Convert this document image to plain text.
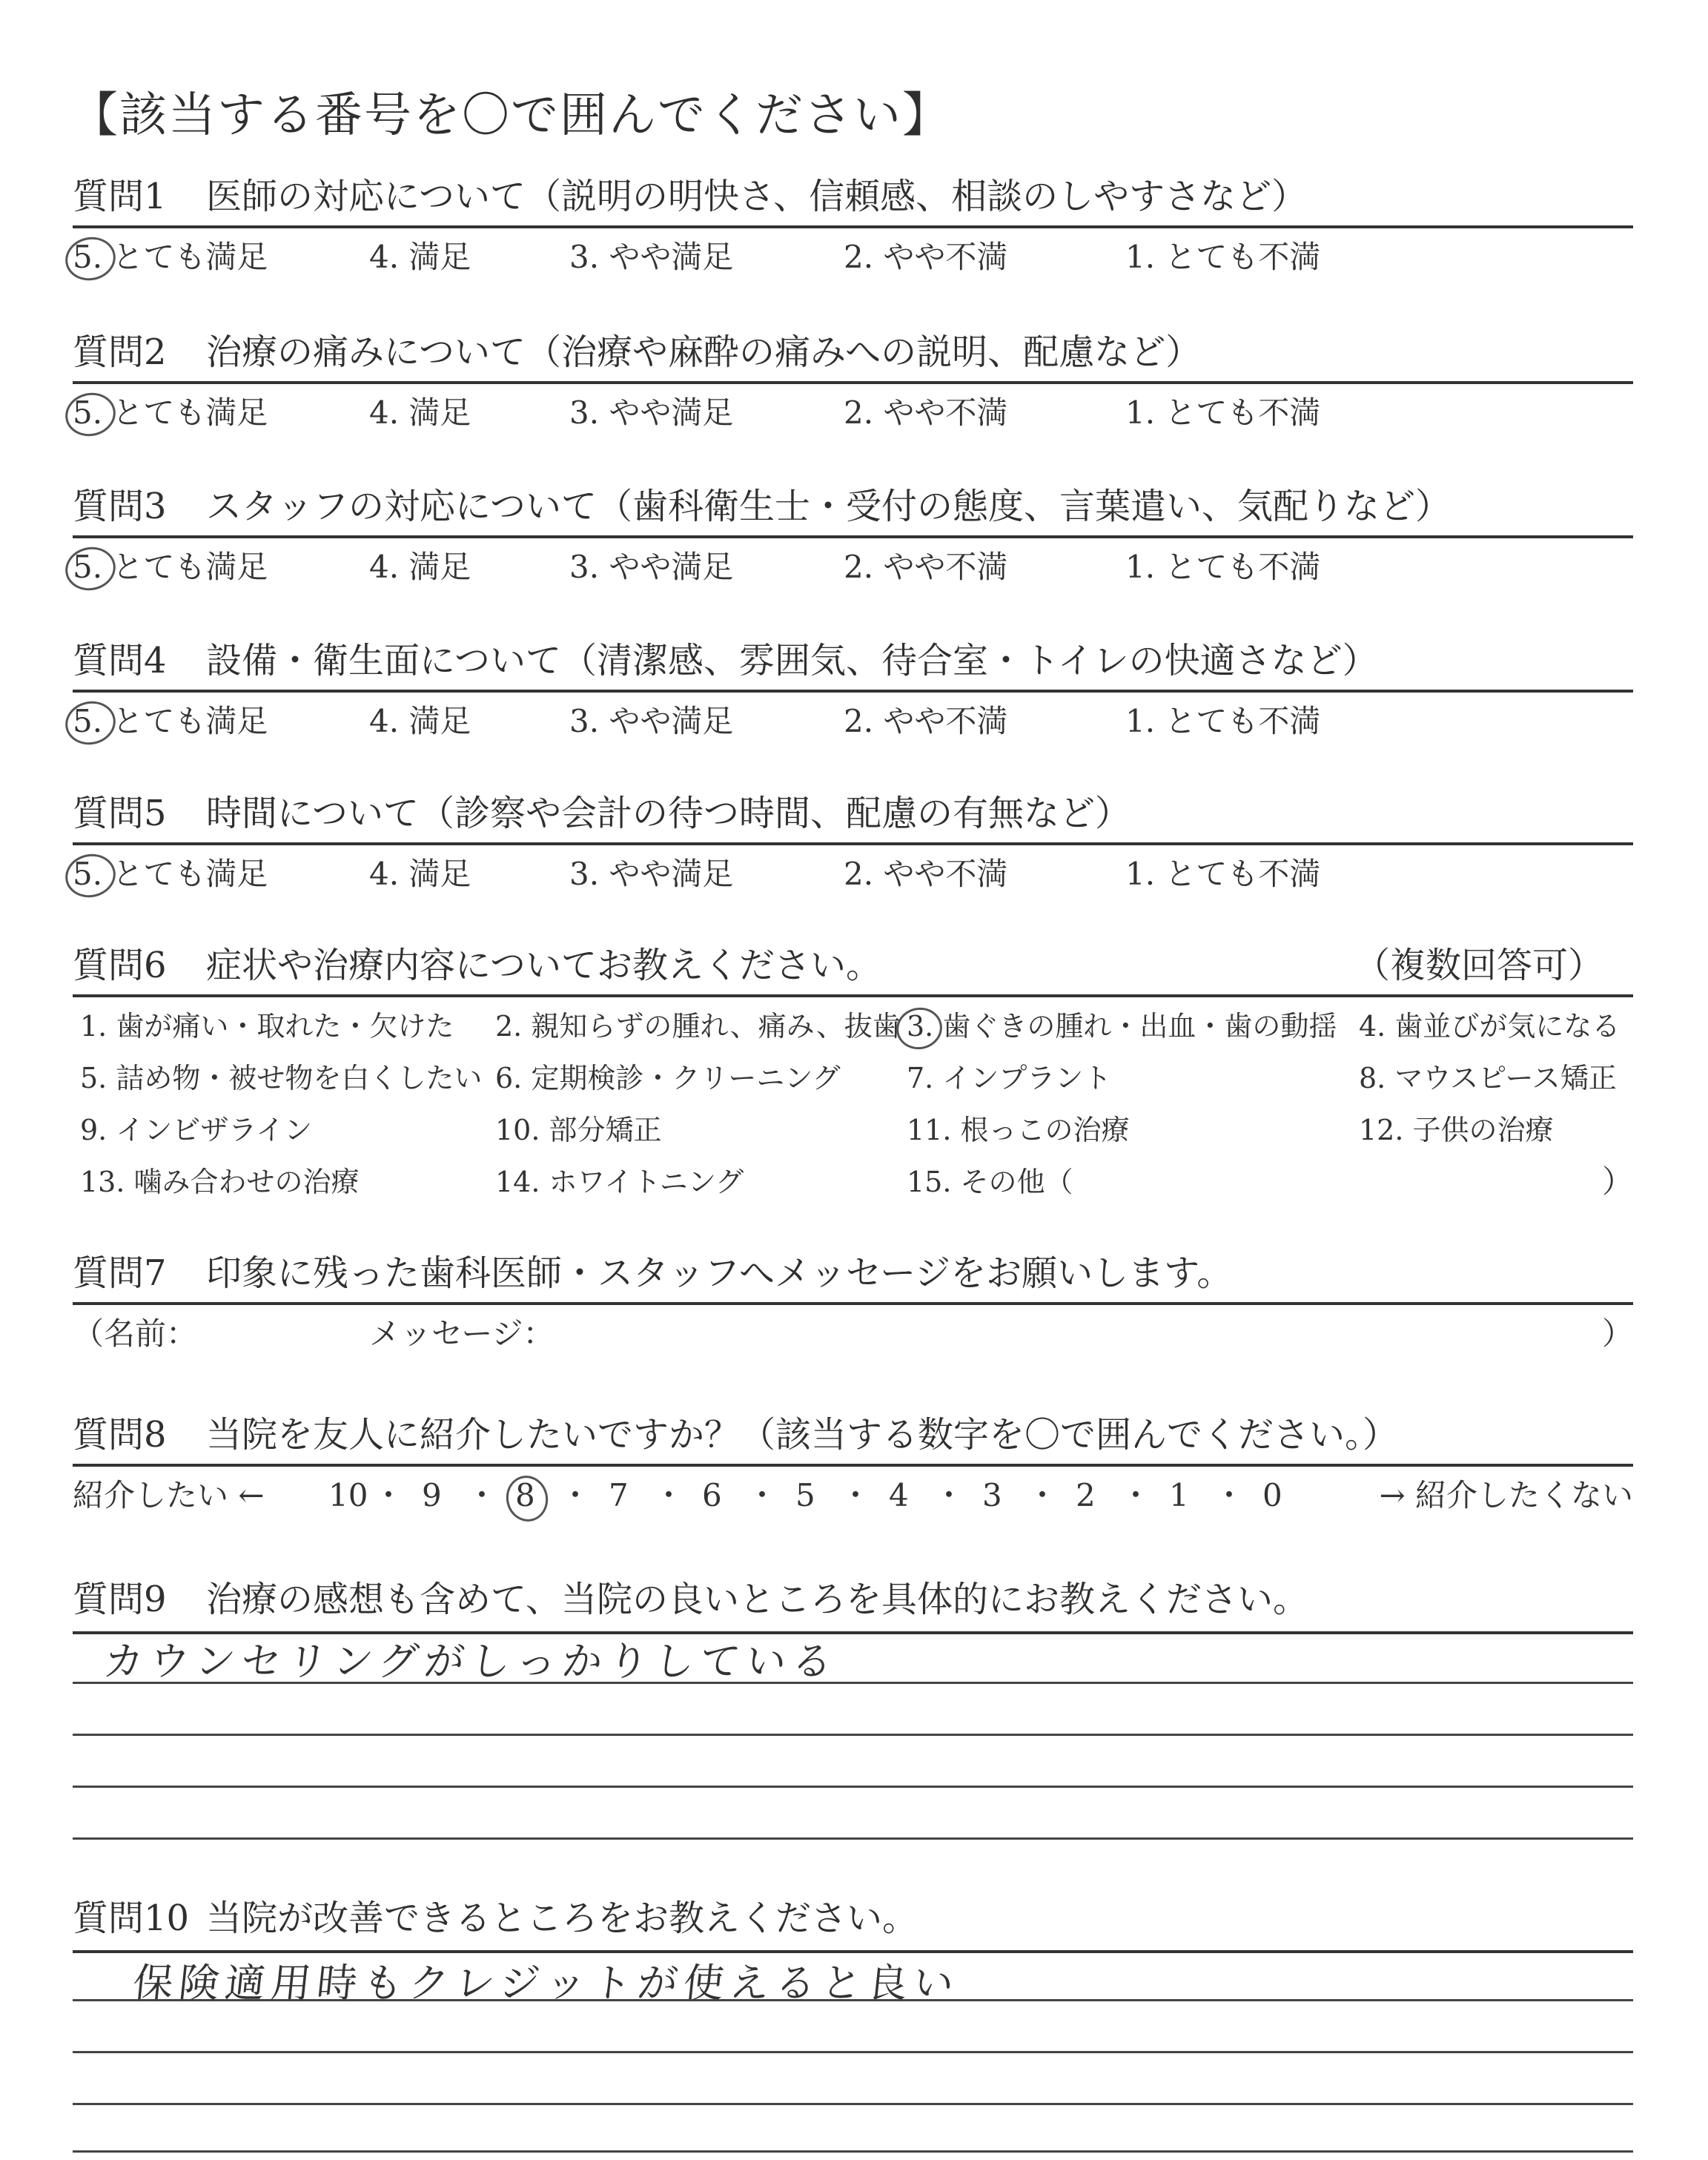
【該当する番号を〇で囲んでください】
質問1 医師の対応について（説明の明快さ、信頼感、相談のしやすさなど）
5. とても満足	4. 満足	3. やや満足	2. やや不満	1. とても不満
質問2 治療の痛みについて（治療や麻酔の痛みへの説明、配慮など）
5. とても満足	4. 満足	3. やや満足	2. やや不満	1. とても不満
質問3 スタッフの対応について（歯科衛生士・受付の態度、言葉遣い、気配りなど）
5. とても満足	4. 満足	3. やや満足	2. やや不満	1. とても不満
質問4 設備・衛生面について（清潔感、雰囲気、待合室・トイレの快適さなど）
5. とても満足	4. 満足	3. やや満足	2. やや不満	1. とても不満
質問5 時間について（診察や会計の待つ時間、配慮の有無など）
5. とても満足	4. 満足	3. やや満足	2. やや不満	1. とても不満
質問6 症状や治療内容についてお教えください。	（複数回答可）
1. 歯が痛い・取れた・欠けた 2. 親知らずの腫れ、痛み、抜歯 3. 歯ぐきの腫れ・出血・歯の動揺 4. 歯並びが気になる
5. 詰め物・被せ物を白くしたい 6. 定期検診・クリーニング 7. インプラント	8. マウスピース矯正
9. インビザライン	10. 部分矯正	11. 根っこの治療	12. 子供の治療
13. 噛み合わせの治療	14. ホワイトニング	15. その他（	）
質問7 印象に残った歯科医師・スタッフへメッセージをお願いします。
（名前：	メッセージ：	）
質問8 当院を友人に紹介したいですか？（該当する数字を〇で囲んでください。）
紹介したい ←	→ 紹介したくない
10 ・ 9 ・ 8 ・ 7 ・ 6 ・ 5 ・ 4 ・ 3 ・ 2 ・ 1 ・ 0
質問9 治療の感想も含めて、当院の良いところを具体的にお教えください。
カウンセリングがしっかりしている
質問10 当院が改善できるところをお教えください。
保険適用時もクレジットが使えると良い
